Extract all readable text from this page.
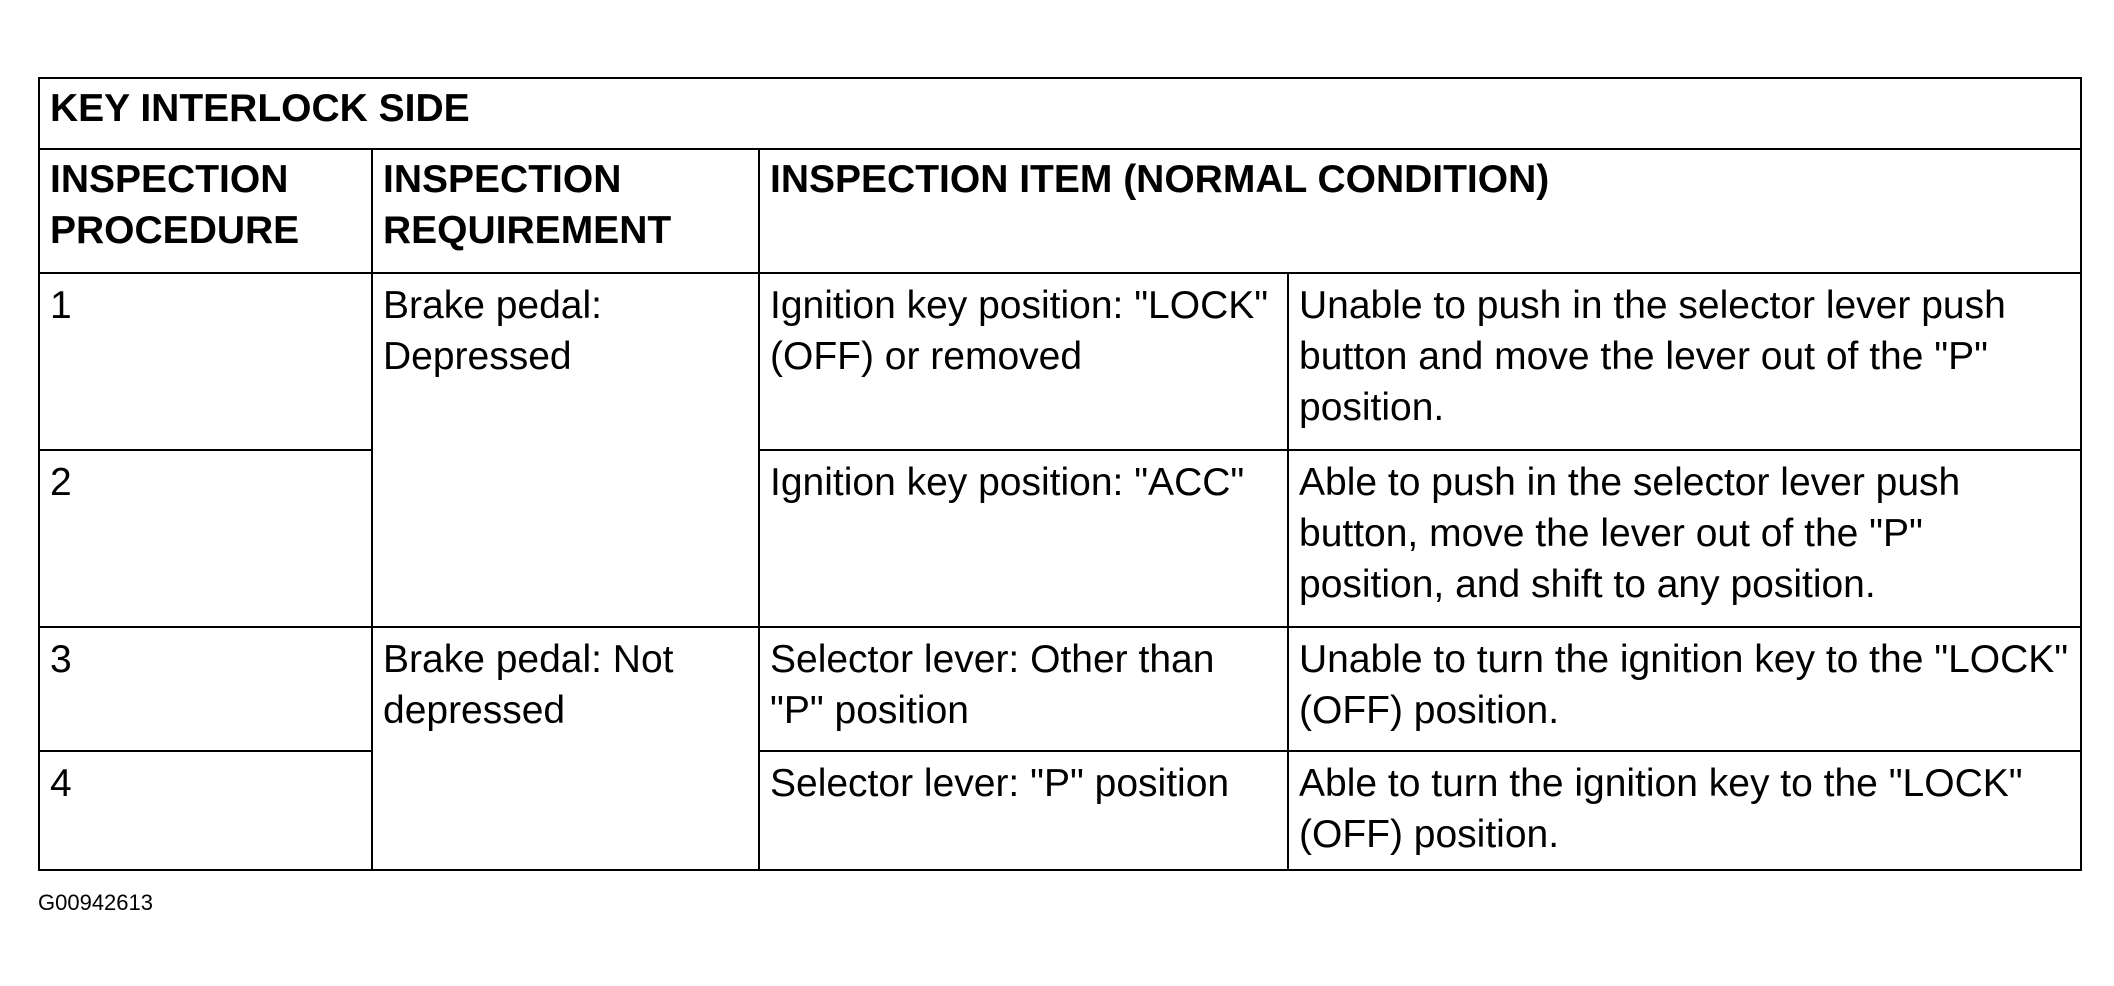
KEY INTERLOCK SIDE			
INSPECTION PROCEDURE	INSPECTION REQUIREMENT	INSPECTION ITEM (NORMAL CONDITION)	
1	Brake pedal: Depressed	Ignition key position: "LOCK" (OFF) or removed	Unable to push in the selector lever push button and move the lever out of the "P" position.
2		Ignition key position: "ACC"	Able to push in the selector lever push button, move the lever out of the "P" position, and shift to any position.
3	Brake pedal: Not depressed	Selector lever: Other than "P" position	Unable to turn the ignition key to the "LOCK" (OFF) position.
4		Selector lever: "P" position	Able to turn the ignition key to the "LOCK" (OFF) position.
G00942613
